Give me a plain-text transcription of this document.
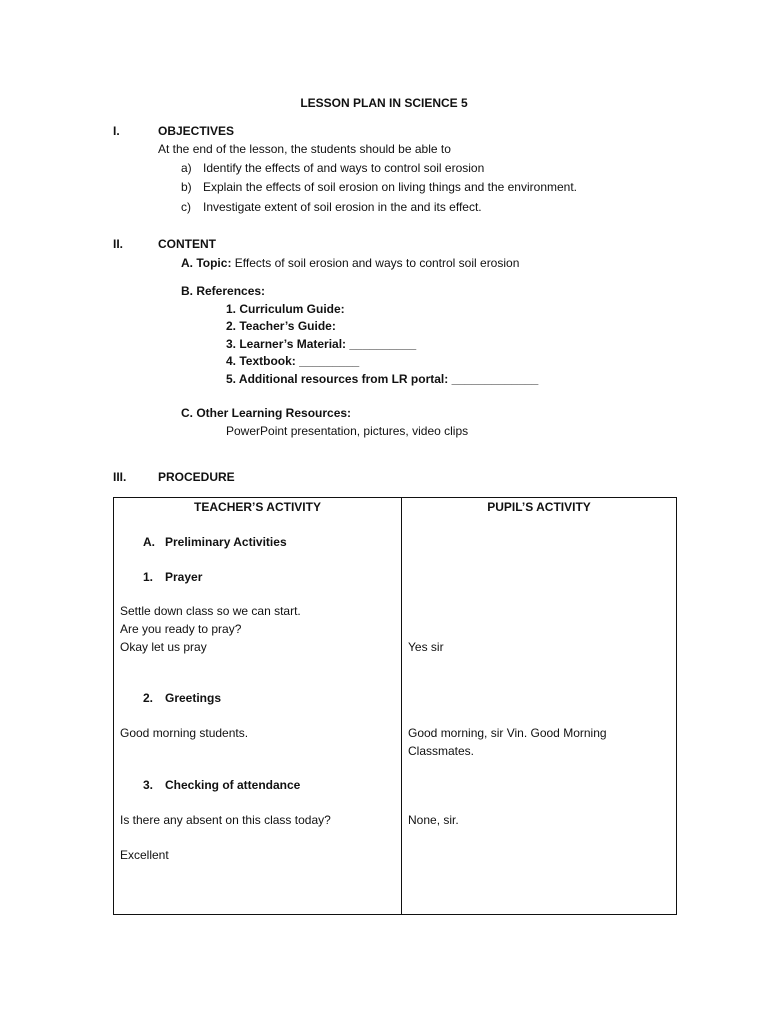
LESSON PLAN IN SCIENCE 5
I.	OBJECTIVES
At the end of the lesson, the students should be able to
a) Identify the effects of and ways to control soil erosion
b) Explain the effects of soil erosion on living things and the environment.
c) Investigate extent of soil erosion in the and its effect.
II.	CONTENT
A. Topic: Effects of soil erosion and ways to control soil erosion
B. References:
1. Curriculum Guide:
2. Teacher’s Guide:
3. Learner’s Material: __________
4. Textbook: _________
5. Additional resources from LR portal: _____________
C. Other Learning Resources:
PowerPoint presentation, pictures, video clips
III.	PROCEDURE
TEACHER’S ACTIVITY	PUPIL’S ACTIVITY
A. Preliminary Activities
1. Prayer
Settle down class so we can start.
Are you ready to pray?
Okay let us pray	Yes sir
2. Greetings
Good morning students.	Good morning, sir Vin. Good Morning
Classmates.
3. Checking of attendance
Is there any absent on this class today?	None, sir.
Excellent
